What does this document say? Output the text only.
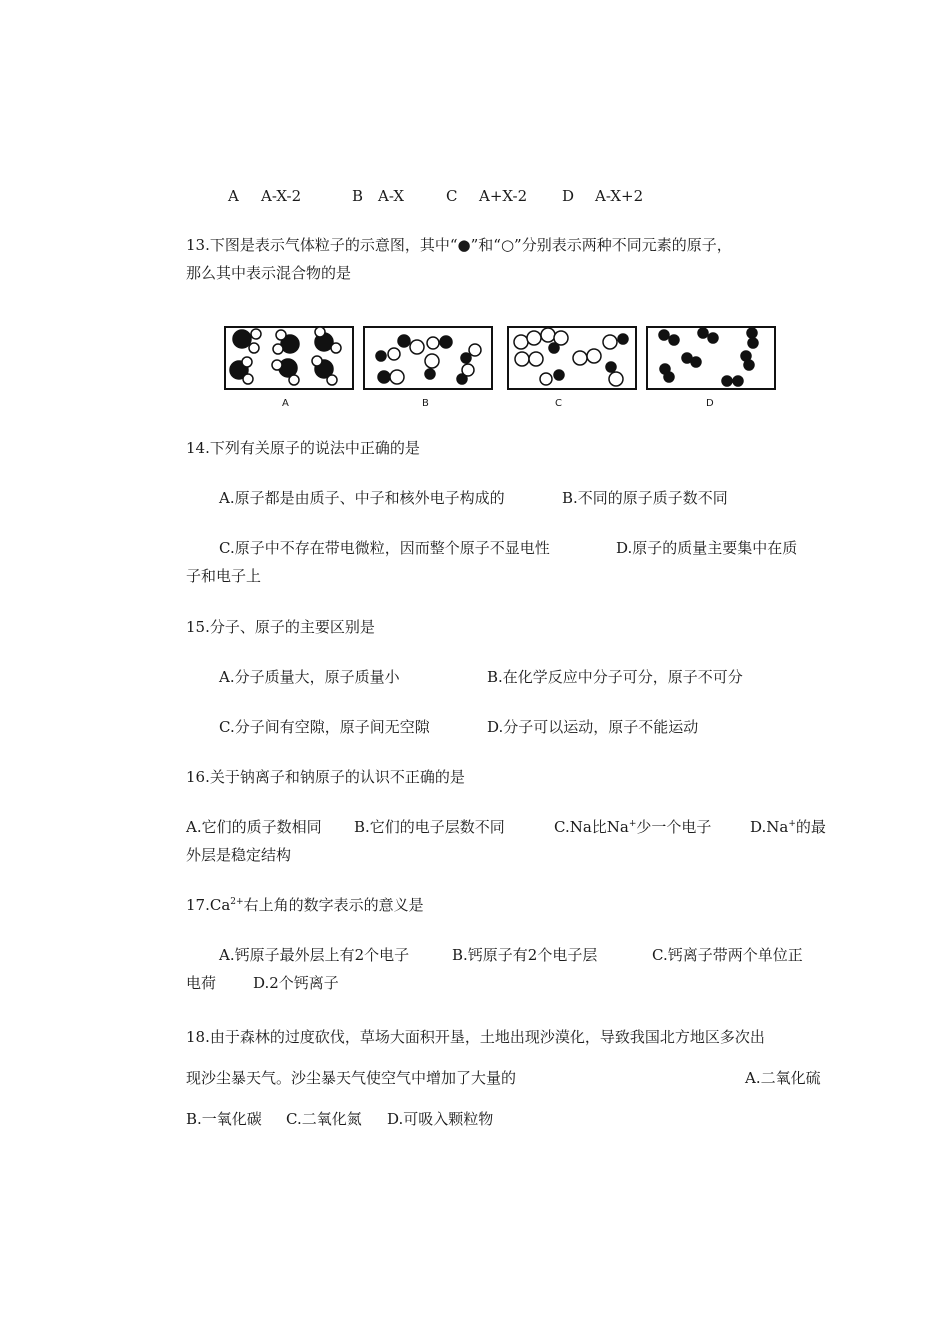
A A-X-2	B A-X	C A+X-2 D A-X+2
13.下图是表示气体粒子的示意图，其中“●”和“○”分别表示两种不同元素的原子，
那么其中表示混合物的是
A	B	C	D
14.下列有关原子的说法中正确的是
A.原子都是由质子、中子和核外电子构成的	B.不同的原子质子数不同
C.原子中不存在带电微粒，因而整个原子不显电性	D.原子的质量主要集中在质
子和电子上
15.分子、原子的主要区别是
A.分子质量大，原子质量小	B.在化学反应中分子可分，原子不可分
C.分子间有空隙，原子间无空隙	D.分子可以运动，原子不能运动
16.关于钠离子和钠原子的认识不正确的是
A.它们的质子数相同 B.它们的电子层数不同	C.Na比Na+少一个电子	D.Na+的最
外层是稳定结构
$17.Ca^{2+}$右上角的数字表示的意义是
A.钙原子最外层上有2个电子	B.钙原子有2个电子层	C.钙离子带两个单位正
电荷 D.2个钙离子
18.由于森林的过度砍伐，草场大面积开垦，土地出现沙漠化，导致我国北方地区多次出
现沙尘暴天气。沙尘暴天气使空气中增加了大量的	A.二氧化硫
B.一氧化碳 C.二氧化氮 D.可吸入颗粒物
